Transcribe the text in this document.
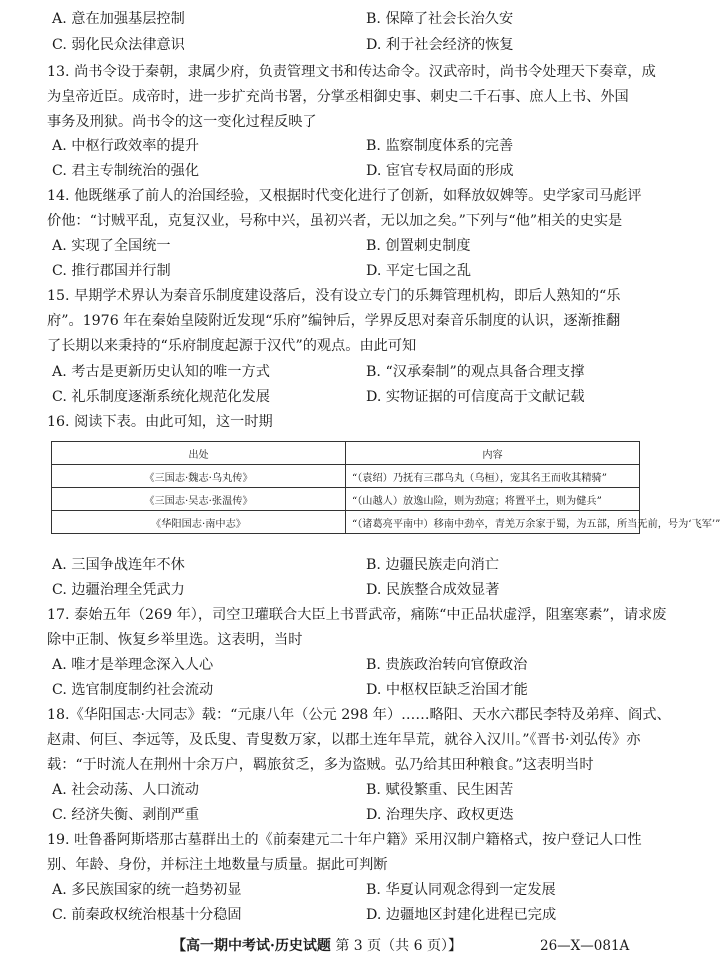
A. 意在加强基层控制	B. 保障了社会长治久安
C. 弱化民众法律意识	D. 利于社会经济的恢复
13. 尚书令设于秦朝，隶属少府，负责管理文书和传达命令。汉武帝时，尚书令处理天下奏章，成
为皇帝近臣。成帝时，进一步扩充尚书署，分掌丞相御史事、刺史二千石事、庶人上书、外国
事务及刑狱。尚书令的这一变化过程反映了
A. 中枢行政效率的提升	B. 监察制度体系的完善
C. 君主专制统治的强化	D. 宦官专权局面的形成
14. 他既继承了前人的治国经验，又根据时代变化进行了创新，如释放奴婢等。史学家司马彪评
价他：“讨贼平乱，克复汉业，号称中兴，虽初兴者，无以加之矣。”下列与“他”相关的史实是
A. 实现了全国统一	B. 创置刺史制度
C. 推行郡国并行制	D. 平定七国之乱
15. 早期学术界认为秦音乐制度建设落后，没有设立专门的乐舞管理机构，即后人熟知的“乐
府”。1976 年在秦始皇陵附近发现“乐府”编钟后，学界反思对秦音乐制度的认识，逐渐推翻
了长期以来秉持的“乐府制度起源于汉代”的观点。由此可知
A. 考古是更新历史认知的唯一方式	B. “汉承秦制”的观点具备合理支撑
C. 礼乐制度逐渐系统化规范化发展	D. 实物证据的可信度高于文献记载
16. 阅读下表。由此可知，这一时期
A. 三国争战连年不休	B. 边疆民族走向消亡
C. 边疆治理全凭武力	D. 民族整合成效显著
17. 泰始五年（269 年），司空卫瓘联合大臣上书晋武帝，痛陈“中正品状虚浮，阻塞寒素”，请求废
除中正制、恢复乡举里选。这表明，当时
A. 唯才是举理念深入人心	B. 贵族政治转向官僚政治
C. 选官制度制约社会流动	D. 中枢权臣缺乏治国才能
18.《华阳国志·大同志》载：“元康八年（公元 298 年）……略阳、天水六郡民李特及弟痒、阎式、
赵肃、何巨、李远等，及氐叟、青叟数万家，以郡土连年旱荒，就谷入汉川。”《晋书·刘弘传》亦
载：“于时流人在荆州十余万户，羁旅贫乏，多为盗贼。弘乃给其田种粮食。”这表明当时
A. 社会动荡、人口流动	B. 赋役繁重、民生困苦
C. 经济失衡、剥削严重	D. 治理失序、政权更迭
19. 吐鲁番阿斯塔那古墓群出土的《前秦建元二十年户籍》采用汉制户籍格式，按户登记人口性
别、年龄、身份，并标注土地数量与质量。据此可判断
A. 多民族国家的统一趋势初显	B. 华夏认同观念得到一定发展
C. 前秦政权统治根基十分稳固	D. 边疆地区封建化进程已完成
出处	内容
《三国志·魏志·乌丸传》	“（袁绍）乃抚有三郡乌丸（乌桓），宠其名王而收其精骑”
《三国志·吴志·张温传》	“（山越人）放逸山险，则为劲寇；将置平土，则为健兵”
《华阳国志·南中志》	“（诸葛亮平南中）移南中劲卒，青羌万余家于蜀，为五部，所当无前，号为‘飞军’”
【高一期中考试·历史试题 第 3 页（共 6 页）】	26—X—081A
